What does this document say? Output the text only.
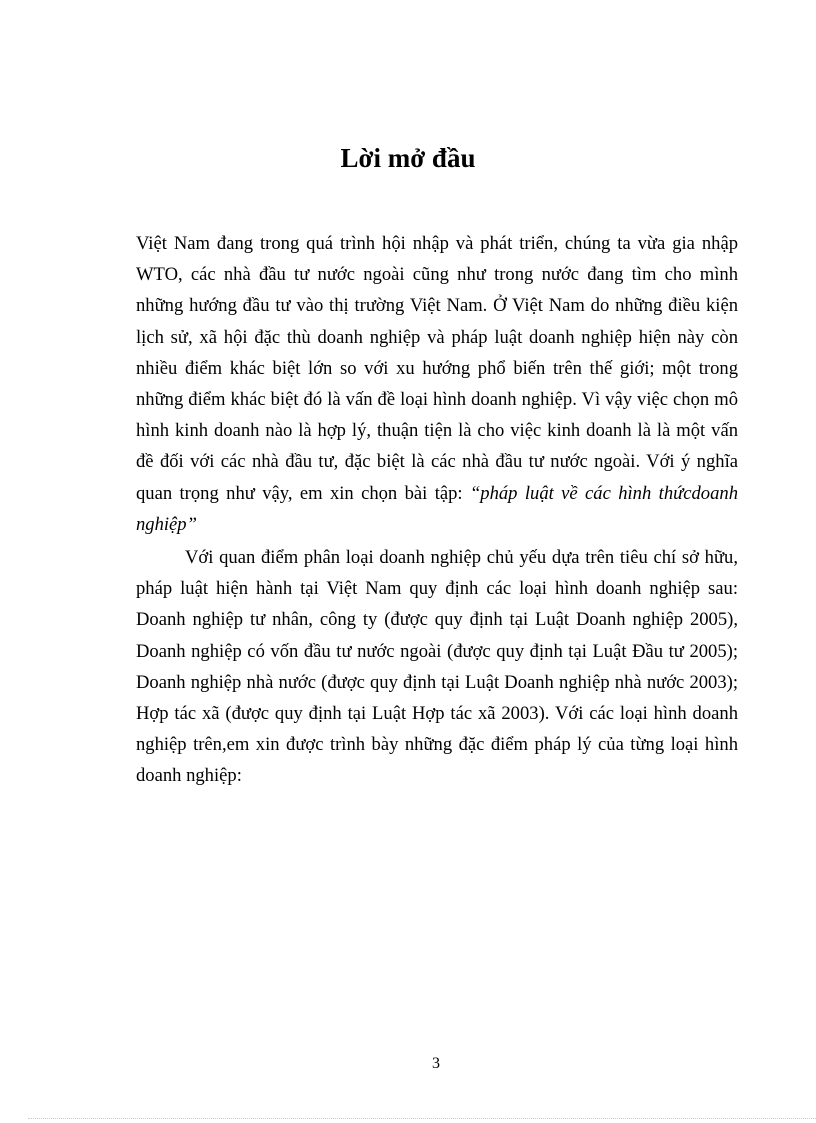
Lời mở đầu

Việt Nam đang trong quá trình hội nhập và phát triển, chúng ta vừa gia nhập WTO, các nhà đầu tư nước ngoài cũng như trong nước đang tìm cho mình những hướng đầu tư vào thị trường Việt Nam. Ở Việt Nam do những điều kiện lịch sử, xã hội đặc thù doanh nghiệp và pháp luật doanh nghiệp hiện này còn nhiều điểm khác biệt lớn so với xu hướng phổ biến trên thế giới; một trong những điểm khác biệt đó là vấn đề loại hình doanh nghiệp. Vì vậy việc chọn mô hình kinh doanh nào là hợp lý, thuận tiện là cho việc kinh doanh là là một vấn đề đối với các nhà đầu tư, đặc biệt là các nhà đầu tư nước ngoài. Với ý nghĩa quan trọng như vậy, em xin chọn bài tập: “pháp luật về các hình thứcdoanh nghiệp”

Với quan điểm phân loại doanh nghiệp chủ yếu dựa trên tiêu chí sở hữu, pháp luật hiện hành tại Việt Nam quy định các loại hình doanh nghiệp sau: Doanh nghiệp tư nhân, công ty (được quy định tại Luật Doanh nghiệp 2005), Doanh nghiệp có vốn đầu tư nước ngoài (được quy định tại Luật Đầu tư 2005); Doanh nghiệp nhà nước (được quy định tại Luật Doanh nghiệp nhà nước 2003); Hợp tác xã (được quy định tại Luật Hợp tác xã 2003). Với các loại hình doanh nghiệp trên,em xin được trình bày những đặc điểm pháp lý của từng loại hình doanh nghiệp:

3
